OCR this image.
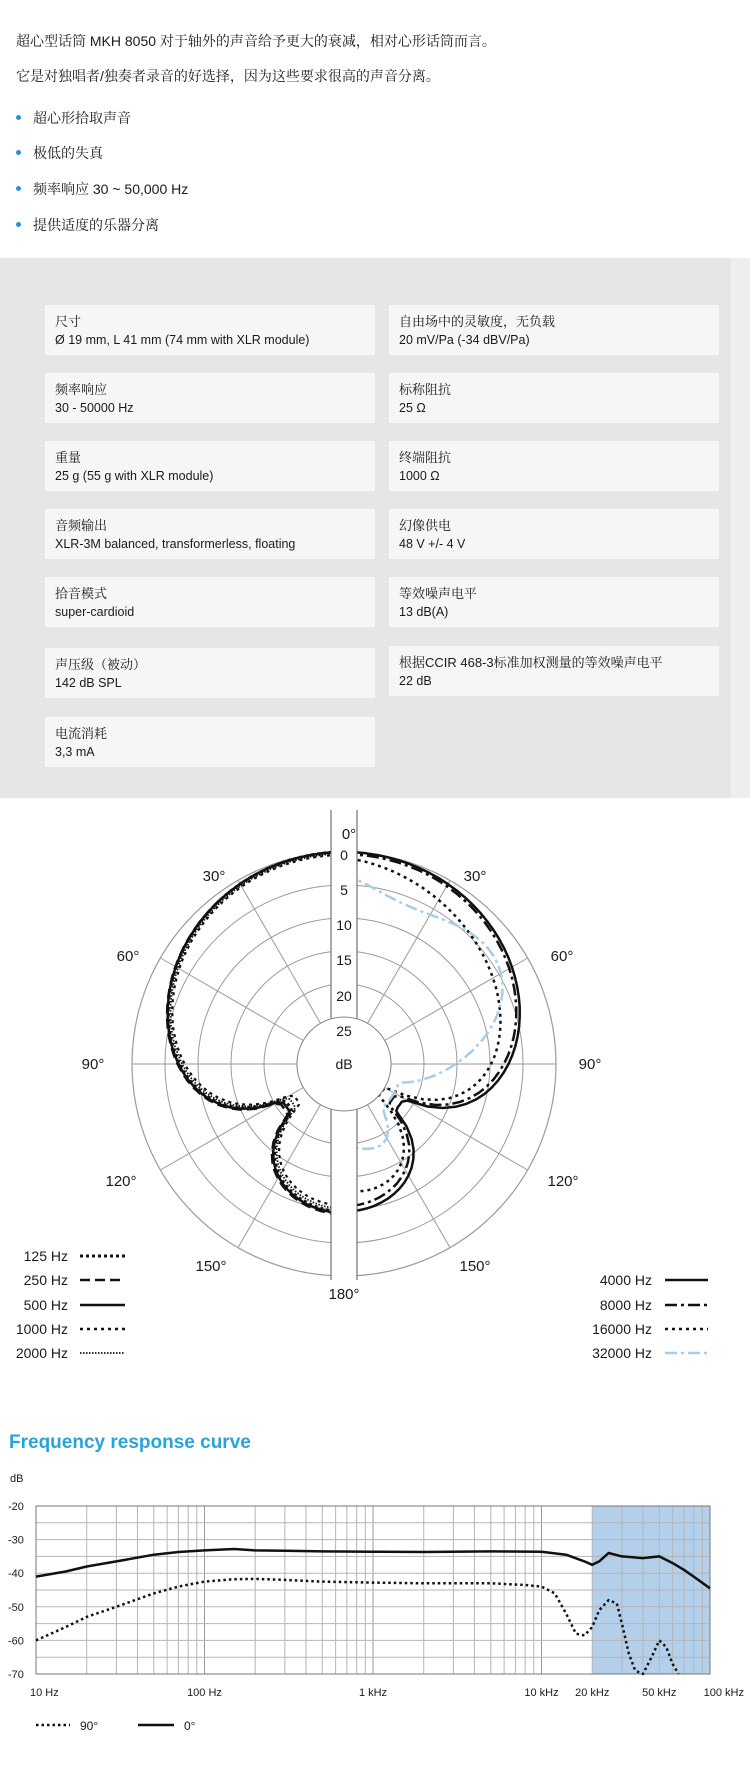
超心型话筒 MKH 8050 对于轴外的声音给予更大的衰减，相对心形话筒而言。

它是对独唱者/独奏者录音的好选择，因为这些要求很高的声音分离。

超心形拾取声音
极低的失真
频率响应 30 ~ 50,000 Hz
提供适度的乐器分离
尺寸
Ø 19 mm, L 41 mm (74 mm with XLR module)
频率响应
30 - 50000 Hz
重量
25 g (55 g with XLR module)
音频输出
XLR-3M balanced, transformerless, floating
拾音模式
super-cardioid
声压级（被动）
142 dB SPL
电流消耗
3,3 mA
自由场中的灵敏度，无负载
20 mV/Pa (-34 dBV/Pa)
标称阻抗
25 Ω
终端阻抗
1000 Ω
幻像供电
48 V +/- 4 V
等效噪声电平
13 dB(A)
根据CCIR 468-3标准加权测量的等效噪声电平
22 dB
0°
30°	30°
60°	60°
90°	90°
120°	120°
150°	150°
180°
0
5
10
15
20
25
dB
125 Hz
250 Hz
500 Hz
1000 Hz
2000 Hz
4000 Hz
8000 Hz
16000 Hz
32000 Hz
Frequency response curve
dB
-20
-30
-40
-50
-60
-70
10 Hz	100 Hz	1 kHz	10 kHz 20 kHz	50 kHz 100 kHz
90°	0°
